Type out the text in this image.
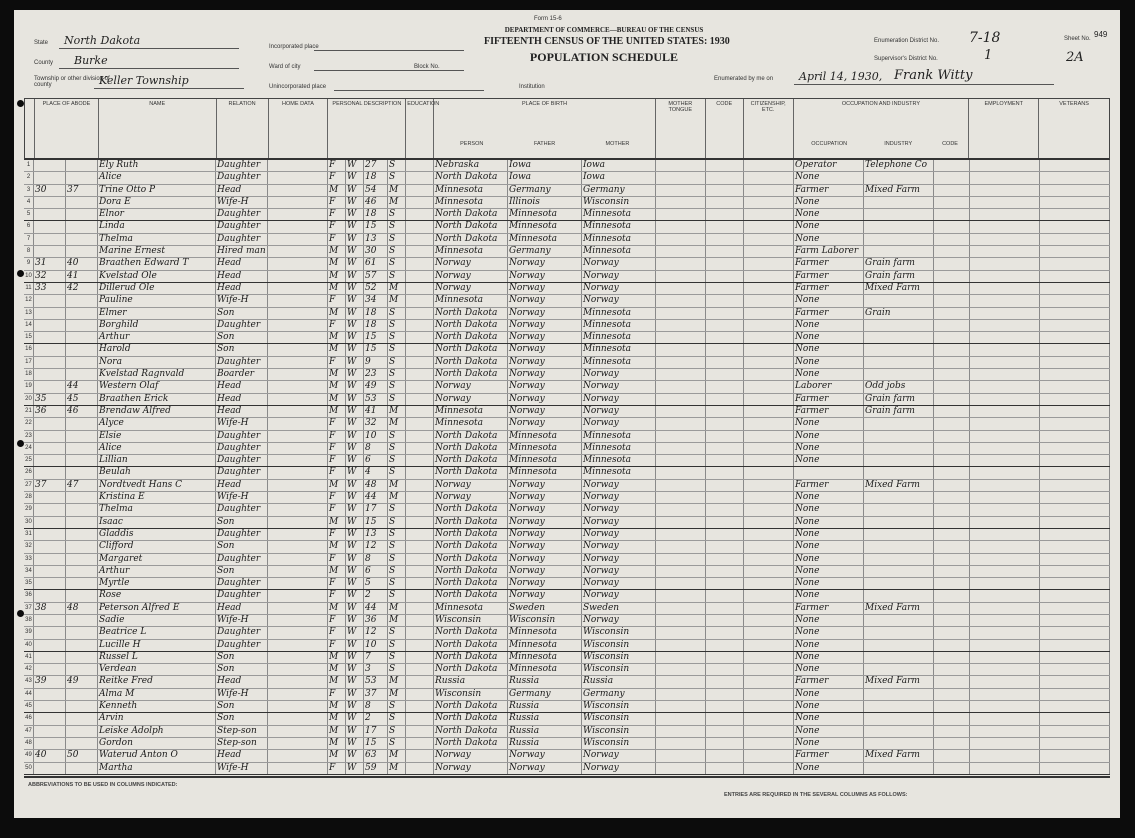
State North Dakota
County Burke
Township or other division of county	Keller Township
Incorporated place
Ward of city	Block No.
Unincorporated place
Form 15-6
DEPARTMENT OF COMMERCE—BUREAU OF THE CENSUS
FIFTEENTH CENSUS OF THE UNITED STATES: 1930
POPULATION SCHEDULE
Institution
Enumeration District No. 7-18
Supervisor's District No.	1
Sheet No.
2A
949
Enumerated by me on April 14, 1930, Frank Witty
PLACE OF ABODE	NAME	RELATION	HOME DATA	PERSONAL DESCRIPTION	EDUCATION	PLACE OF BIRTH
PERSON	FATHER	MOTHER
MOTHER TONGUE
CODE	CITIZENSHIP, ETC.
OCCUPATION AND INDUSTRY
OCCUPATION	INDUSTRY	CODE
EMPLOYMENT	VETERANS
1	Ely Ruth	Daughter	F	W 27	S	Nebraska	Iowa	Iowa	Operator	Telephone Co
2	Alice	Daughter	F	W 18	S	North Dakota	Iowa	Iowa	None
3 30	37	Trine Otto P	Head	M W 54	M	Minnesota	Germany	Germany	Farmer	Mixed Farm
4	Dora E	Wife-H	F	W 46	M	Minnesota	Illinois	Wisconsin	None
5	Elnor	Daughter	F	W 18	S	North Dakota	Minnesota	Minnesota	None
6	Linda	Daughter	F	W 15	S	North Dakota	Minnesota	Minnesota	None
7	Thelma	Daughter	F	W 13	S	North Dakota	Minnesota	Minnesota	None
8	Marine Ernest	Hired man	M W 30	S	Minnesota	Germany	Minnesota	Farm Laborer
9 31	40	Braathen Edward T	Head	M W 61	S	Norway	Norway	Norway	Farmer	Grain farm
10 32	41	Kvelstad Ole	Head	M W 57	S	Norway	Norway	Norway	Farmer	Grain farm
11 33	42	Dillerud Ole	Head	M W 52	M	Norway	Norway	Norway	Farmer	Mixed Farm
12	Pauline	Wife-H	F	W 34	M	Minnesota	Norway	Norway	None
13	Elmer	Son	M W 18	S	North Dakota	Norway	Minnesota	Farmer	Grain
14	Borghild	Daughter	F	W 18	S	North Dakota	Norway	Minnesota	None
15	Arthur	Son	M W 15	S	North Dakota	Norway	Minnesota	None
16	Harold	Son	M W 15	S	North Dakota	Norway	Minnesota	None
17	Nora	Daughter	F	W 9	S	North Dakota	Norway	Minnesota	None
18	Kvelstad Ragnvald	Boarder	M W 23	S	North Dakota	Norway	Norway	None
19	44	Western Olaf	Head	M W 49	S	Norway	Norway	Norway	Laborer	Odd jobs
20 35	45	Braathen Erick	Head	M W 53	S	Norway	Norway	Norway	Farmer	Grain farm
21 36	46	Brendaw Alfred	Head	M W 41	M	Minnesota	Norway	Norway	Farmer	Grain farm
22	Alyce	Wife-H	F	W 32	M	Minnesota	Norway	Norway	None
23	Elsie	Daughter	F	W 10	S	North Dakota	Minnesota	Minnesota	None
24	Alice	Daughter	F	W 8	S	North Dakota	Minnesota	Minnesota	None
25	Lillian	Daughter	F	W 6	S	North Dakota	Minnesota	Minnesota	None
26	Beulah	Daughter	F	W 4	S	North Dakota	Minnesota	Minnesota
27 37	47	Nordtvedt Hans C	Head	M W 48	M	Norway	Norway	Norway	Farmer	Mixed Farm
28	Kristina E	Wife-H	F	W 44	M	Norway	Norway	Norway	None
29	Thelma	Daughter	F	W 17	S	North Dakota	Norway	Norway	None
30	Isaac	Son	M W 15	S	North Dakota	Norway	Norway	None
31	Gladdis	Daughter	F	W 13	S	North Dakota	Norway	Norway	None
32	Clifford	Son	M W 12	S	North Dakota	Norway	Norway	None
33	Margaret	Daughter	F	W 8	S	North Dakota	Norway	Norway	None
34	Arthur	Son	M W 6	S	North Dakota	Norway	Norway	None
35	Myrtle	Daughter	F	W 5	S	North Dakota	Norway	Norway	None
36	Rose	Daughter	F	W 2	S	North Dakota	Norway	Norway	None
37 38	48	Peterson Alfred E	Head	M W 44	M	Minnesota	Sweden	Sweden	Farmer	Mixed Farm
38	Sadie	Wife-H	F	W 36	M	Wisconsin	Wisconsin	Norway	None
39	Beatrice L	Daughter	F	W 12	S	North Dakota	Minnesota	Wisconsin	None
40	Lucille H	Daughter	F	W 10	S	North Dakota	Minnesota	Wisconsin	None
41	Russel L	Son	M W 7	S	North Dakota	Minnesota	Wisconsin	None
42	Verdean	Son	M W 3	S	North Dakota	Minnesota	Wisconsin	None
43 39	49	Reitke Fred	Head	M W 53	M	Russia	Russia	Russia	Farmer	Mixed Farm
44	Alma M	Wife-H	F	W 37	M	Wisconsin	Germany	Germany	None
45	Kenneth	Son	M W 8	S	North Dakota	Russia	Wisconsin	None
46	Arvin	Son	M W 2	S	North Dakota	Russia	Wisconsin	None
47	Leiske Adolph	Step-son	M W 17	S	North Dakota	Russia	Wisconsin	None
48	Gordon	Step-son	M W 15	S	North Dakota	Russia	Wisconsin	None
49 40	50	Waterud Anton O	Head	M W 63	M	Norway	Norway	Norway	Farmer	Mixed Farm
50	Martha	Wife-H	F	W 59	M	Norway	Norway	Norway	None
ABBREVIATIONS TO BE USED IN COLUMNS INDICATED:
ENTRIES ARE REQUIRED IN THE SEVERAL COLUMNS AS FOLLOWS:
